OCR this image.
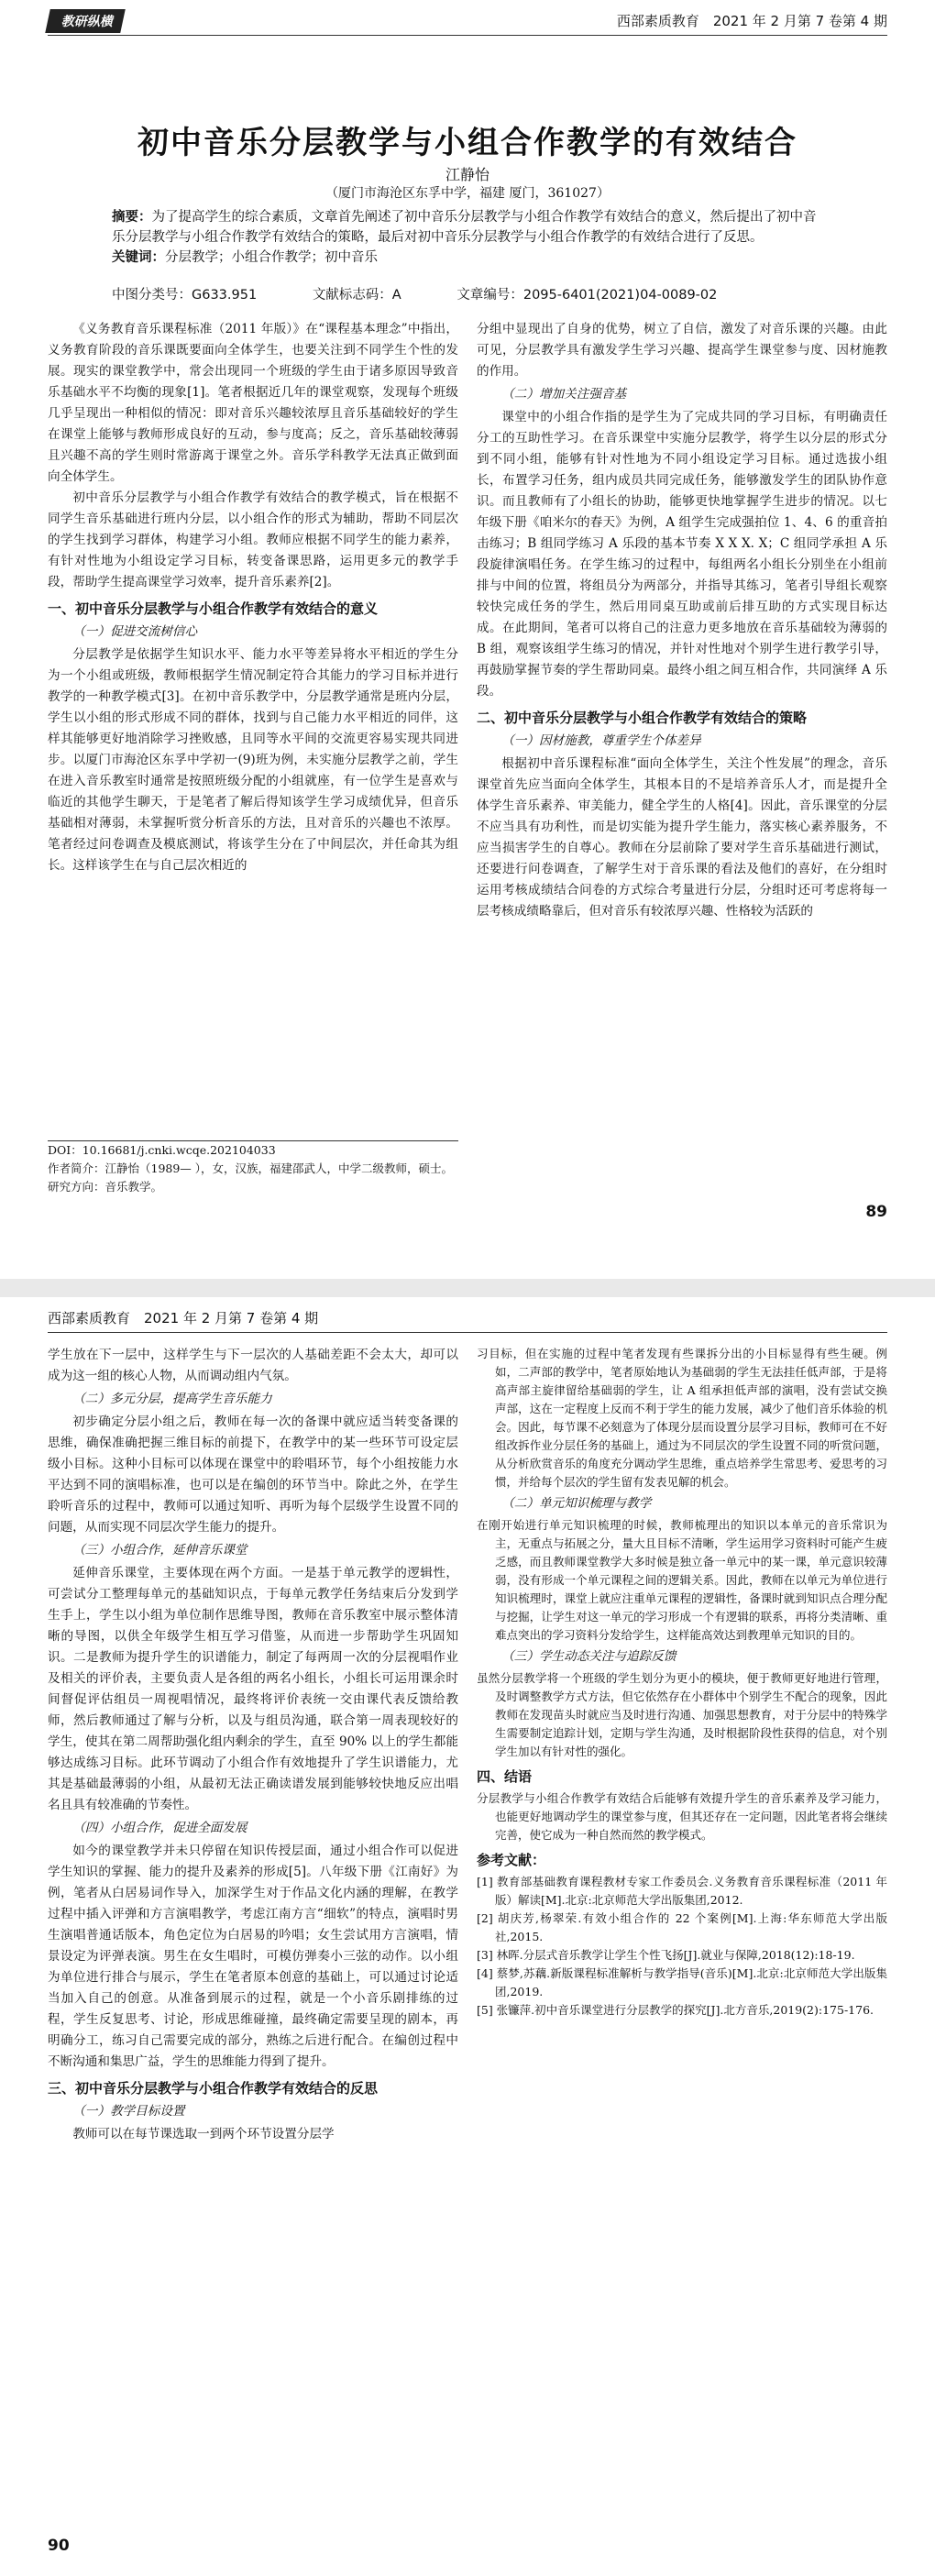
教研纵横	西部素质教育　2021 年 2 月第 7 卷第 4 期
初中音乐分层教学与小组合作教学的有效结合
江静怡
（厦门市海沧区东孚中学，福建 厦门，361027）
摘要：为了提高学生的综合素质，文章首先阐述了初中音乐分层教学与小组合作教学有效结合的意义，然后提出了初中音乐分层教学与小组合作教学有效结合的策略，最后对初中音乐分层教学与小组合作教学的有效结合进行了反思。
关键词：分层教学；小组合作教学；初中音乐
中图分类号：G633.951	文献标志码：A	文章编号：2095-6401(2021)04-0089-02

《义务教育音乐课程标准（2011 年版）》在“课程基本理念”中指出，义务教育阶段的音乐课既要面向全体学生，也要关注到不同学生个性的发展。现实的课堂教学中，常会出现同一个班级的学生由于诸多原因导致音乐基础水平不均衡的现象[1]。笔者根据近几年的课堂观察，发现每个班级几乎呈现出一种相似的情况：即对音乐兴趣较浓厚且音乐基础较好的学生在课堂上能够与教师形成良好的互动，参与度高；反之，音乐基础较薄弱且兴趣不高的学生则时常游离于课堂之外。音乐学科教学无法真正做到面向全体学生。

初中音乐分层教学与小组合作教学有效结合的教学模式，旨在根据不同学生音乐基础进行班内分层，以小组合作的形式为辅助，帮助不同层次的学生找到学习群体，构建学习小组。教师应根据不同学生的能力素养，有针对性地为小组设定学习目标，转变备课思路，运用更多元的教学手段，帮助学生提高课堂学习效率，提升音乐素养[2]。

一、初中音乐分层教学与小组合作教学有效结合的意义
（一）促进交流树信心

分层教学是依据学生知识水平、能力水平等差异将水平相近的学生分为一个小组或班级，教师根据学生情况制定符合其能力的学习目标并进行教学的一种教学模式[3]。在初中音乐教学中，分层教学通常是班内分层，学生以小组的形式形成不同的群体，找到与自己能力水平相近的同伴，这样其能够更好地消除学习挫败感，且同等水平间的交流更容易实现共同进步。以厦门市海沧区东孚中学初一(9)班为例，未实施分层教学之前，学生在进入音乐教室时通常是按照班级分配的小组就座，有一位学生是喜欢与临近的其他学生聊天，于是笔者了解后得知该学生学习成绩优异，但音乐基础相对薄弱，未掌握听赏分析音乐的方法，且对音乐的兴趣也不浓厚。笔者经过问卷调查及模底测试，将该学生分在了中间层次，并任命其为组长。这样该学生在与自己层次相近的

分组中显现出了自身的优势，树立了自信，激发了对音乐课的兴趣。由此可见，分层教学具有激发学生学习兴趣、提高学生课堂参与度、因材施教的作用。

（二）增加关注强音基

课堂中的小组合作指的是学生为了完成共同的学习目标，有明确责任分工的互助性学习。在音乐课堂中实施分层教学，将学生以分层的形式分到不同小组，能够有针对性地为不同小组设定学习目标。通过选拔小组长，布置学习任务，组内成员共同完成任务，能够激发学生的团队协作意识。而且教师有了小组长的协助，能够更快地掌握学生进步的情况。以七年级下册《咱米尔的春天》为例，A 组学生完成强拍位 1、4、6 的重音拍击练习；B 组同学练习 A 乐段的基本节奏 X X X. X；C 组同学承担 A 乐段旋律演唱任务。在学生练习的过程中，每组两名小组长分别坐在小组前排与中间的位置，将组员分为两部分，并指导其练习，笔者引导组长观察较快完成任务的学生，然后用同桌互助或前后排互助的方式实现目标达成。在此期间，笔者可以将自己的注意力更多地放在音乐基础较为薄弱的 B 组，观察该组学生练习的情况，并针对性地对个别学生进行教学引导，再鼓励掌握节奏的学生帮助同桌。最终小组之间互相合作，共同演绎 A 乐段。

二、初中音乐分层教学与小组合作教学有效结合的策略
（一）因材施教，尊重学生个体差异

根据初中音乐课程标准“面向全体学生，关注个性发展”的理念，音乐课堂首先应当面向全体学生，其根本目的不是培养音乐人才，而是提升全体学生音乐素养、审美能力，健全学生的人格[4]。因此，音乐课堂的分层不应当具有功利性，而是切实能为提升学生能力，落实核心素养服务，不应当损害学生的自尊心。教师在分层前除了要对学生音乐基础进行测试，还要进行问卷调查，了解学生对于音乐课的看法及他们的喜好，在分组时运用考核成绩结合问卷的方式综合考量进行分层，分组时还可考虑将每一层考核成绩略靠后，但对音乐有较浓厚兴趣、性格较为活跃的

DOI：10.16681/j.cnki.wcqe.202104033
作者简介：江静怡（1989— ），女，汉族，福建邵武人，中学二级教师，硕士。研究方向：音乐教学。
89
西部素质教育　2021 年 2 月第 7 卷第 4 期

学生放在下一层中，这样学生与下一层次的人基础差距不会太大，却可以成为这一组的核心人物，从而调动组内气氛。

（二）多元分层，提高学生音乐能力

初步确定分层小组之后，教师在每一次的备课中就应适当转变备课的思维，确保准确把握三维目标的前提下，在教学中的某一些环节可设定层级小目标。这种小目标可以体现在课堂中的聆唱环节，每个小组按能力水平达到不同的演唱标准，也可以是在编创的环节当中。除此之外，在学生聆听音乐的过程中，教师可以通过知听、再听为每个层级学生设置不同的问题，从而实现不同层次学生能力的提升。

（三）小组合作，延伸音乐课堂

延伸音乐课堂，主要体现在两个方面。一是基于单元教学的逻辑性，可尝试分工整理每单元的基础知识点，于每单元教学任务结束后分发到学生手上，学生以小组为单位制作思维导图，教师在音乐教室中展示整体清晰的导图，以供全年级学生相互学习借鉴，从而进一步帮助学生巩固知识。二是教师为提升学生的识谱能力，制定了每两周一次的分层视唱作业及相关的评价表，主要负责人是各组的两名小组长，小组长可运用课余时间督促评估组员一周视唱情况，最终将评价表统一交由课代表反馈给教师，然后教师通过了解与分析，以及与组员沟通，联合第一周表现较好的学生，使其在第二周帮助强化组内剩余的学生，直至 90% 以上的学生都能够达成练习目标。此环节调动了小组合作有效地提升了学生识谱能力，尤其是基础最薄弱的小组，从最初无法正确读谱发展到能够较快地反应出唱名且具有较准确的节奏性。

（四）小组合作，促进全面发展

如今的课堂教学并未只停留在知识传授层面，通过小组合作可以促进学生知识的掌握、能力的提升及素养的形成[5]。八年级下册《江南好》为例，笔者从白居易词作导入，加深学生对于作品文化内涵的理解，在教学过程中插入评弹和方言演唱教学，考虑江南方言“细软”的特点，演唱时男生演唱普通话版本，角色定位为白居易的吟唱；女生尝试用方言演唱，情景设定为评弹表演。男生在女生唱时，可模仿弹奏小三弦的动作。以小组为单位进行排合与展示，学生在笔者原本创意的基础上，可以通过讨论适当加入自己的创意。从准备到展示的过程，就是一个小音乐剧排练的过程，学生反复思考、讨论，形成思维碰撞，最终确定需要呈现的剧本，再明确分工，练习自己需要完成的部分，熟练之后进行配合。在编创过程中不断沟通和集思广益，学生的思维能力得到了提升。

三、初中音乐分层教学与小组合作教学有效结合的反思
（一）教学目标设置

教师可以在每节课选取一到两个环节设置分层学

习目标，但在实施的过程中笔者发现有些课拆分出的小目标显得有些生硬。例如，二声部的教学中，笔者原始地认为基础弱的学生无法挂任低声部，于是将高声部主旋律留给基础弱的学生，让 A 组承担低声部的演唱，没有尝试交换声部，这在一定程度上反而不利于学生的能力发展，减少了他们音乐体验的机会。因此，每节课不必刻意为了体现分层而设置分层学习目标，教师可在不好组改拆作业分层任务的基础上，通过为不同层次的学生设置不同的听赏问题，从分析欣赏音乐的角度充分调动学生思维，重点培养学生常思考、爱思考的习惯，并给每个层次的学生留有发表见解的机会。

（二）单元知识梳理与教学

在刚开始进行单元知识梳理的时候，教师梳理出的知识以本单元的音乐常识为主，无重点与拓展之分，量大且目标不清晰，学生运用学习资料时可能产生疲乏感，而且教师课堂教学大多时候是独立备一单元中的某一课，单元意识较薄弱，没有形成一个单元课程之间的逻辑关系。因此，教师在以单元为单位进行知识梳理时，课堂上就应注重单元课程的逻辑性，备课时就到知识点合理分配与挖掘，让学生对这一单元的学习形成一个有逻辑的联系，再将分类清晰、重难点突出的学习资料分发给学生，这样能高效达到教理单元知识的目的。

（三）学生动态关注与追踪反馈

虽然分层教学将一个班级的学生划分为更小的模块，便于教师更好地进行管理，及时调整教学方式方法，但它依然存在小群体中个别学生不配合的现象，因此教师在发现苗头时就应当及时进行沟通、加强思想教育，对于分层中的特殊学生需要制定追踪计划，定期与学生沟通，及时根据阶段性获得的信息，对个别学生加以有针对性的强化。

四、结语

分层教学与小组合作教学有效结合后能够有效提升学生的音乐素养及学习能力，也能更好地调动学生的课堂参与度，但其还存在一定问题，因此笔者将会继续完善，使它成为一种自然而然的教学模式。

参考文献：

[1] 教育部基础教育课程教材专家工作委员会.义务教育音乐课程标准（2011 年版）解读[M].北京:北京师范大学出版集团,2012.

[2] 胡庆芳,杨翠荣.有效小组合作的 22 个案例[M].上海:华东师范大学出版社,2015.

[3] 林晖.分层式音乐教学让学生个性飞扬[J].就业与保障,2018(12):18-19.

[4] 蔡梦,苏藕.新版课程标准解析与教学指导(音乐)[M].北京:北京师范大学出版集团,2019.

[5] 张镰萍.初中音乐课堂进行分层教学的探究[J].北方音乐,2019(2):175-176.

90
